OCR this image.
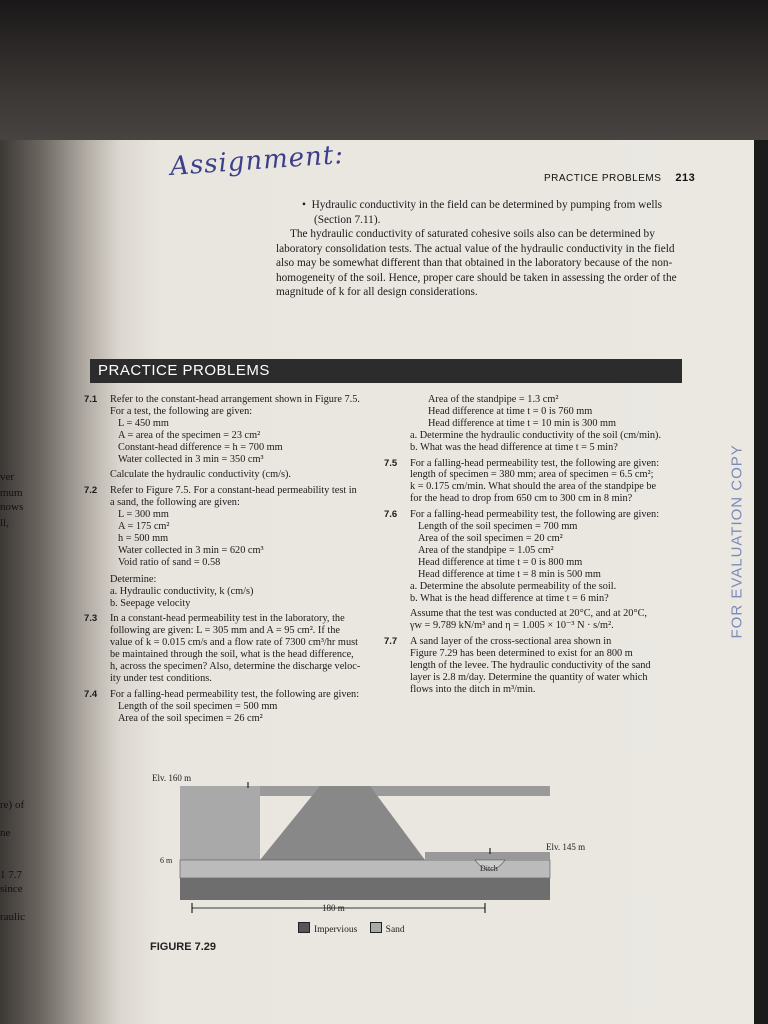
ver
mum
nows
ll,
re) of
ne
1 7.7
since
raulic
Assignment:	PRACTICE PROBLEMS 213
•  Hydraulic conductivity in the field can be determined by pumping from wells (Section 7.11).

The hydraulic conductivity of saturated cohesive soils also can be determined by laboratory consolidation tests. The actual value of the hydraulic conductivity in the field also may be somewhat different than that obtained in the laboratory because of the non-homogeneity of the soil. Hence, proper care should be taken in assessing the order of the magnitude of k for all design considerations.

PRACTICE PROBLEMS
7.1 Refer to the constant-head arrangement shown in Figure 7.5.
For a test, the following are given:
L = 450 mm
A = area of the specimen = 23 cm²
Constant-head difference = h = 700 mm
Water collected in 3 min = 350 cm³
Calculate the hydraulic conductivity (cm/s).
7.2 Refer to Figure 7.5. For a constant-head permeability test in
a sand, the following are given:
L = 300 mm
A = 175 cm²
h = 500 mm
Water collected in 3 min = 620 cm³
Void ratio of sand = 0.58
Determine:
a. Hydraulic conductivity, k (cm/s)
b. Seepage velocity
7.3 In a constant-head permeability test in the laboratory, the
following are given: L = 305 mm and A = 95 cm². If the
value of k = 0.015 cm/s and a flow rate of 7300 cm³/hr must
be maintained through the soil, what is the head difference,
h, across the specimen? Also, determine the discharge veloc-
ity under test conditions.
7.4 For a falling-head permeability test, the following are given:
Length of the soil specimen = 500 mm
Area of the soil specimen = 26 cm²
Area of the standpipe = 1.3 cm²
Head difference at time t = 0 is 760 mm
Head difference at time t = 10 min is 300 mm
a. Determine the hydraulic conductivity of the soil (cm/min).
b. What was the head difference at time t = 5 min?
7.5 For a falling-head permeability test, the following are given:
length of specimen = 380 mm; area of specimen = 6.5 cm²;
k = 0.175 cm/min. What should the area of the standpipe be
for the head to drop from 650 cm to 300 cm in 8 min?
7.6 For a falling-head permeability test, the following are given:
Length of the soil specimen = 700 mm
Area of the soil specimen = 20 cm²
Area of the standpipe = 1.05 cm²
Head difference at time t = 0 is 800 mm
Head difference at time t = 8 min is 500 mm
a. Determine the absolute permeability of the soil.
b. What is the head difference at time t = 6 min?
Assume that the test was conducted at 20°C, and at 20°C,
γw = 9.789 kN/m³ and η = 1.005 × 10⁻³ N · s/m².
7.7 A sand layer of the cross-sectional area shown in
Figure 7.29 has been determined to exist for an 800 m
length of the levee. The hydraulic conductivity of the sand
layer is 2.8 m/day. Determine the quantity of water which
flows into the ditch in m³/min.
FOR EVALUATION COPY
Elv. 160 m
Elv. 145 m
Ditch
6 m
180 m
Impervious	Sand
FIGURE 7.29
